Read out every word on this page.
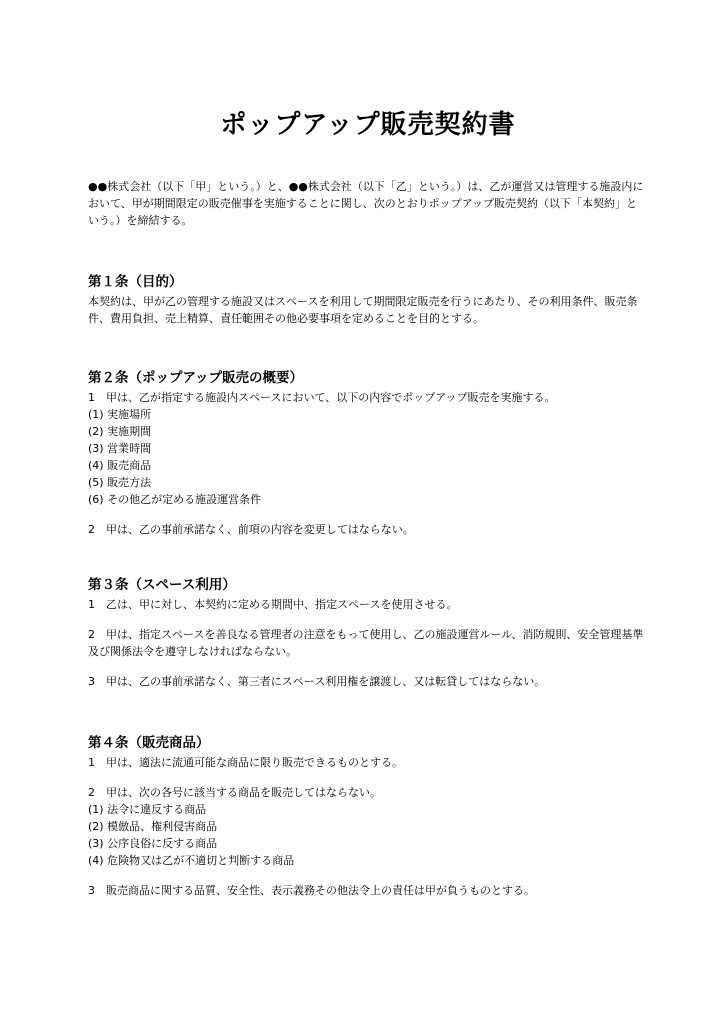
ポップアップ販売契約書

●●株式会社（以下「甲」という。）と、●●株式会社（以下「乙」という。）は、乙が運営又は管理する施設内において、甲が期間限定の販売催事を実施することに関し、次のとおりポップアップ販売契約（以下「本契約」という。）を締結する。

第１条（目的）

本契約は、甲が乙の管理する施設又はスペースを利用して期間限定販売を行うにあたり、その利用条件、販売条件、費用負担、売上精算、責任範囲その他必要事項を定めることを目的とする。

第２条（ポップアップ販売の概要）

1　甲は、乙が指定する施設内スペースにおいて、以下の内容でポップアップ販売を実施する。

(1) 実施場所

(2) 実施期間

(3) 営業時間

(4) 販売商品

(5) 販売方法

(6) その他乙が定める施設運営条件

2　甲は、乙の事前承諾なく、前項の内容を変更してはならない。

第３条（スペース利用）

1　乙は、甲に対し、本契約に定める期間中、指定スペースを使用させる。

2　甲は、指定スペースを善良なる管理者の注意をもって使用し、乙の施設運営ルール、消防規則、安全管理基準及び関係法令を遵守しなければならない。

3　甲は、乙の事前承諾なく、第三者にスペース利用権を譲渡し、又は転貸してはならない。

第４条（販売商品）

1　甲は、適法に流通可能な商品に限り販売できるものとする。

2　甲は、次の各号に該当する商品を販売してはならない。

(1) 法令に違反する商品

(2) 模倣品、権利侵害商品

(3) 公序良俗に反する商品

(4) 危険物又は乙が不適切と判断する商品

3　販売商品に関する品質、安全性、表示義務その他法令上の責任は甲が負うものとする。
